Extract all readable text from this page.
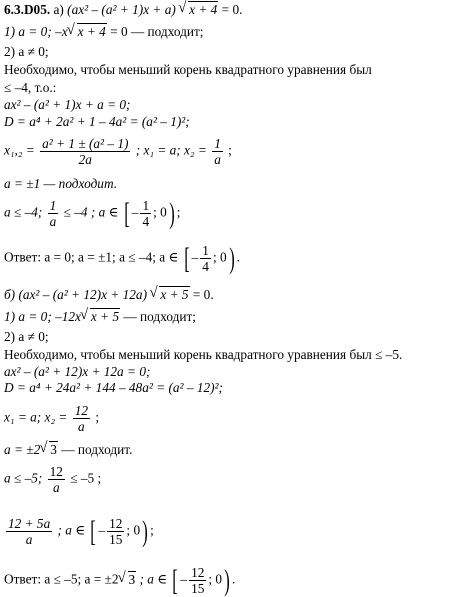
6.3.D05. а) (ax² – (a² + 1)x + a) √ x + 4 = 0.
1) a = 0; –x √ x + 4 = 0 — подходит;
2) a ≠ 0;
Необходимо, чтобы меньший корень квадратного уравнения был
≤ –4, т.о.:
ax² – (a² + 1)x + a = 0;
D = a⁴ + 2a² + 1 – 4a² = (a² – 1)²;
$x_1,_2 = \frac{\text{a² + 1 ± (a² – 1)}}{2a}$ ; x₁ = a; $x_2 = \frac{1}{a}$ ;
a = ±1 — подходит.
a ≤ –4; $\frac{1}{a} \le -4$ ; a ∈ [ – $\frac{1}{4}$ ; 0) ;
Ответ: a = 0; a = ±1; a ≤ –4; a ∈ [ – $\frac{1}{4}$ ; 0) .
б) (ax² – (a² + 12)x + 12a) √ x + 5 = 0.
1) a = 0; –12x √ x + 5 — подходит;
2) a ≠ 0;
Необходимо, чтобы меньший корень квадратного уравнения был ≤ –5.
ax² – (a² + 12)x + 12a = 0;
D = a⁴ + 24a² + 144 – 48a² = (a² – 12)²;
x₁ = a; $x_2 = \frac{12}{a}$ ;
a = ±2 √ 3 — подходит.
a ≤ –5; $\frac{12}{a} \le -5$ ;
$\frac{12 + 5a}{a}$ ; a ∈ [ – $\frac{12}{15}$ ; 0) ;
Ответ: a ≤ –5; a = ±2 √ 3 ; a ∈ [ – $\frac{12}{15}$ ; 0) .
